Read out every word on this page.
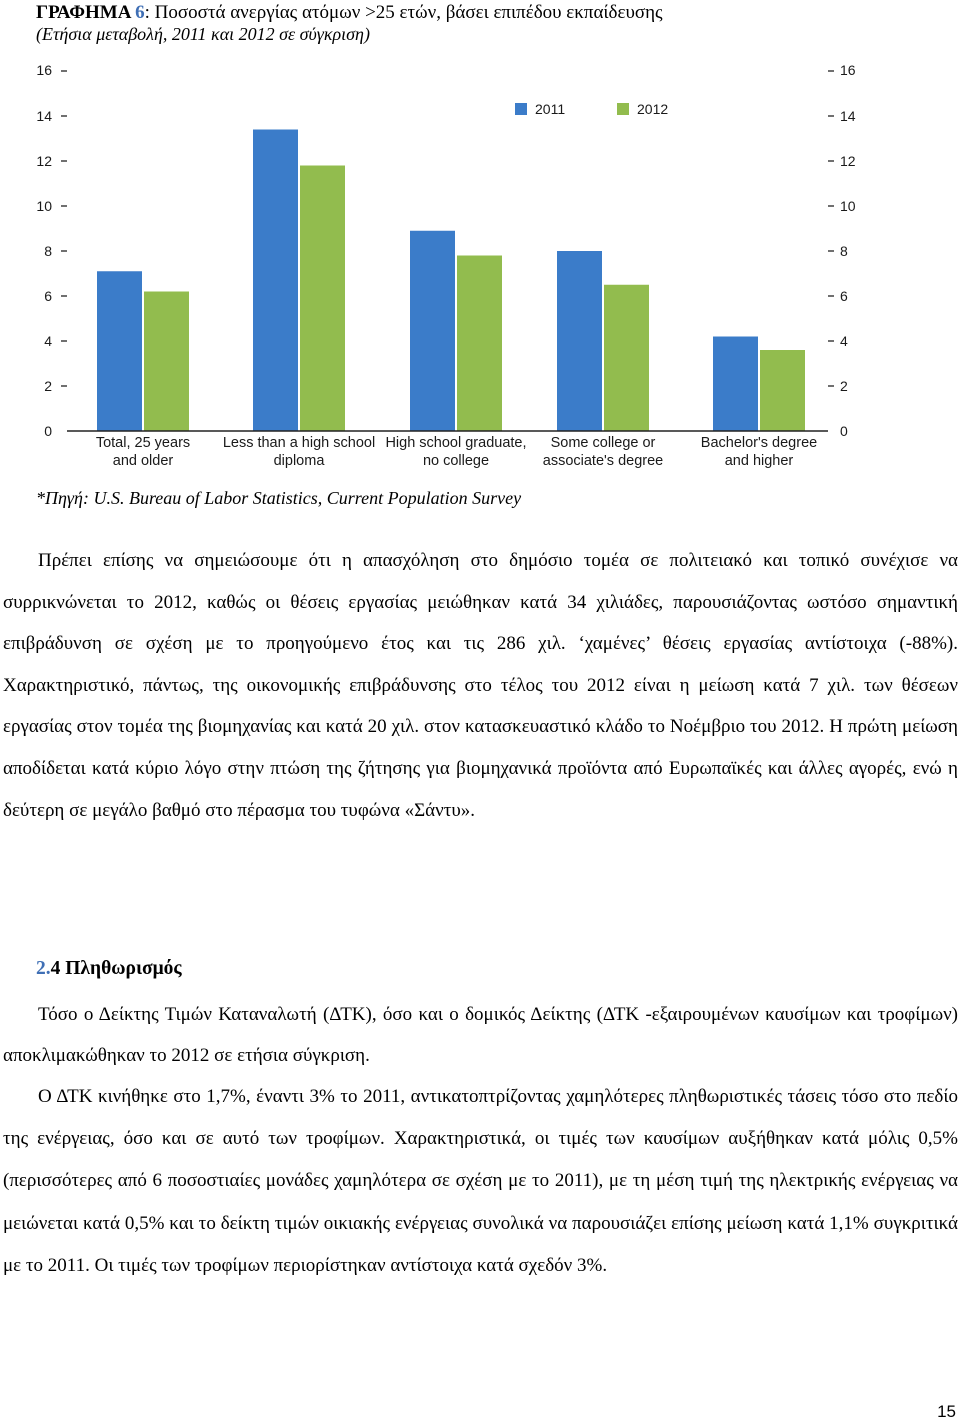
ΓΡΑΦΗΜΑ 6: Ποσοστά ανεργίας ατόμων >25 ετών, βάσει επιπέδου εκπαίδευσης
(Ετήσια μεταβολή, 2011 και 2012 σε σύγκριση)
0	0
2	2
4	4
6	6
8	8
10	10
12	12
14	14
16	16
Total, 25 years
and older
Less than a high school
diploma
High school graduate,
no college
Some college or
associate's degree
Bachelor's degree
and higher
2011	2012
*Πηγή: U.S. Bureau of Labor Statistics, Current Population Survey

Πρέπει επίσης να σημειώσουμε ότι η απασχόληση στο δημόσιο τομέα σε πολιτειακό και τοπικό συνέχισε να συρρικνώνεται το 2012, καθώς οι θέσεις εργασίας μειώθηκαν κατά 34 χιλιάδες, παρουσιάζοντας ωστόσο σημαντική επιβράδυνση σε σχέση με το προηγούμενο έτος και τις 286 χιλ. ‘χαμένες’ θέσεις εργασίας αντίστοιχα (-88%). Χαρακτηριστικό, πάντως, της οικονομικής επιβράδυνσης στο τέλος του 2012 είναι η μείωση κατά 7 χιλ. των θέσεων εργασίας στον τομέα της βιομηχανίας και κατά 20 χιλ. στον κατασκευαστικό κλάδο το Νοέμβριο του 2012. Η πρώτη μείωση αποδίδεται κατά κύριο λόγο στην πτώση της ζήτησης για βιομηχανικά προϊόντα από Ευρωπαϊκές και άλλες αγορές, ενώ η δεύτερη σε μεγάλο βαθμό στο πέρασμα του τυφώνα «Σάντυ».

2.4 Πληθωρισμός

Τόσο ο Δείκτης Τιμών Καταναλωτή (ΔΤΚ), όσο και ο δομικός Δείκτης (ΔΤΚ -εξαιρουμένων καυσίμων και τροφίμων) αποκλιμακώθηκαν το 2012 σε ετήσια σύγκριση.

Ο ΔΤΚ κινήθηκε στο 1,7%, έναντι 3% το 2011, αντικατοπτρίζοντας χαμηλότερες πληθωριστικές τάσεις τόσο στο πεδίο της ενέργειας, όσο και σε αυτό των τροφίμων. Χαρακτηριστικά, οι τιμές των καυσίμων αυξήθηκαν κατά μόλις 0,5% (περισσότερες από 6 ποσοστιαίες μονάδες χαμηλότερα σε σχέση με το 2011), με τη μέση τιμή της ηλεκτρικής ενέργειας να μειώνεται κατά 0,5% και το δείκτη τιμών οικιακής ενέργειας συνολικά να παρουσιάζει επίσης μείωση κατά 1,1% συγκριτικά με το 2011. Οι τιμές των τροφίμων περιορίστηκαν αντίστοιχα κατά σχεδόν 3%.

15
